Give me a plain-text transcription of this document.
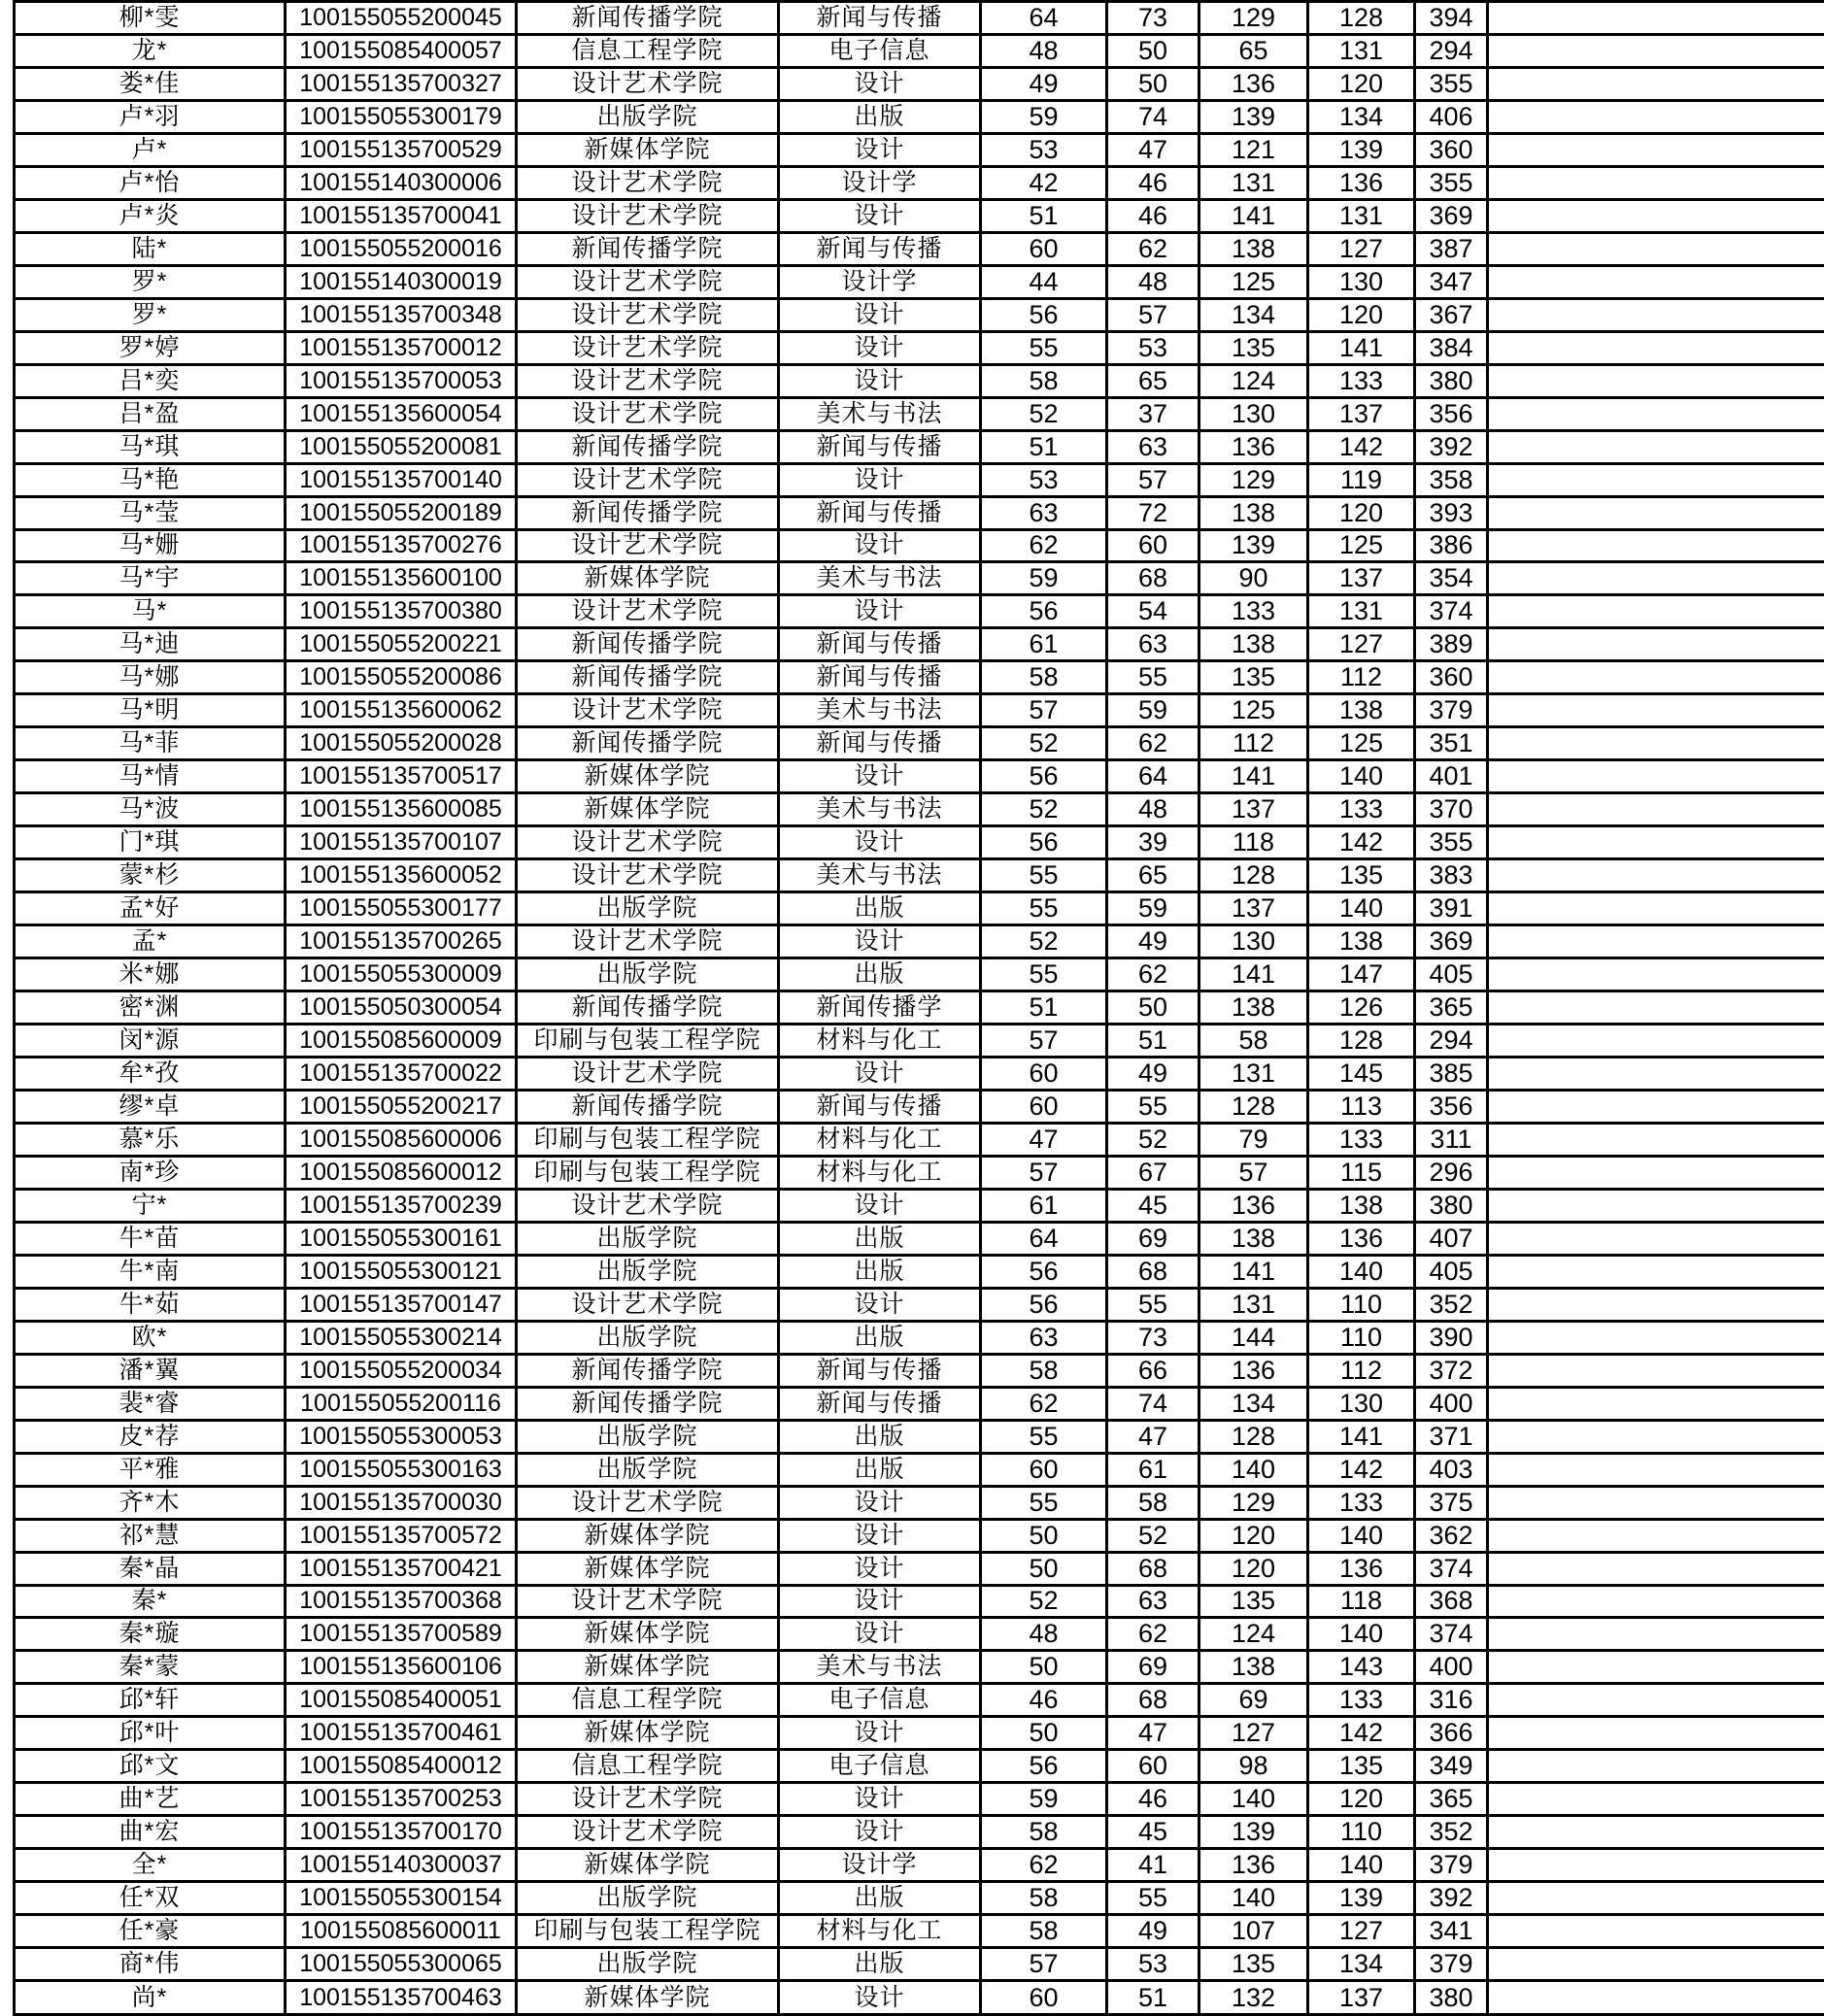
柳*雯	100155055200045	新闻传播学院	新闻与传播	64	73	129	128	394	
龙*	100155085400057	信息工程学院	电子信息	48	50	65	131	294	
娄*佳	100155135700327	设计艺术学院	设计	49	50	136	120	355	
卢*羽	100155055300179	出版学院	出版	59	74	139	134	406	
卢*	100155135700529	新媒体学院	设计	53	47	121	139	360	
卢*怡	100155140300006	设计艺术学院	设计学	42	46	131	136	355	
卢*炎	100155135700041	设计艺术学院	设计	51	46	141	131	369	
陆*	100155055200016	新闻传播学院	新闻与传播	60	62	138	127	387	
罗*	100155140300019	设计艺术学院	设计学	44	48	125	130	347	
罗*	100155135700348	设计艺术学院	设计	56	57	134	120	367	
罗*婷	100155135700012	设计艺术学院	设计	55	53	135	141	384	
吕*奕	100155135700053	设计艺术学院	设计	58	65	124	133	380	
吕*盈	100155135600054	设计艺术学院	美术与书法	52	37	130	137	356	
马*琪	100155055200081	新闻传播学院	新闻与传播	51	63	136	142	392	
马*艳	100155135700140	设计艺术学院	设计	53	57	129	119	358	
马*莹	100155055200189	新闻传播学院	新闻与传播	63	72	138	120	393	
马*姗	100155135700276	设计艺术学院	设计	62	60	139	125	386	
马*宇	100155135600100	新媒体学院	美术与书法	59	68	90	137	354	
马*	100155135700380	设计艺术学院	设计	56	54	133	131	374	
马*迪	100155055200221	新闻传播学院	新闻与传播	61	63	138	127	389	
马*娜	100155055200086	新闻传播学院	新闻与传播	58	55	135	112	360	
马*明	100155135600062	设计艺术学院	美术与书法	57	59	125	138	379	
马*菲	100155055200028	新闻传播学院	新闻与传播	52	62	112	125	351	
马*情	100155135700517	新媒体学院	设计	56	64	141	140	401	
马*波	100155135600085	新媒体学院	美术与书法	52	48	137	133	370	
门*琪	100155135700107	设计艺术学院	设计	56	39	118	142	355	
蒙*杉	100155135600052	设计艺术学院	美术与书法	55	65	128	135	383	
孟*好	100155055300177	出版学院	出版	55	59	137	140	391	
孟*	100155135700265	设计艺术学院	设计	52	49	130	138	369	
米*娜	100155055300009	出版学院	出版	55	62	141	147	405	
密*渊	100155050300054	新闻传播学院	新闻传播学	51	50	138	126	365	
闵*源	100155085600009	印刷与包装工程学院	材料与化工	57	51	58	128	294	
牟*孜	100155135700022	设计艺术学院	设计	60	49	131	145	385	
缪*卓	100155055200217	新闻传播学院	新闻与传播	60	55	128	113	356	
慕*乐	100155085600006	印刷与包装工程学院	材料与化工	47	52	79	133	311	
南*珍	100155085600012	印刷与包装工程学院	材料与化工	57	67	57	115	296	
宁*	100155135700239	设计艺术学院	设计	61	45	136	138	380	
牛*苗	100155055300161	出版学院	出版	64	69	138	136	407	
牛*南	100155055300121	出版学院	出版	56	68	141	140	405	
牛*茹	100155135700147	设计艺术学院	设计	56	55	131	110	352	
欧*	100155055300214	出版学院	出版	63	73	144	110	390	
潘*翼	100155055200034	新闻传播学院	新闻与传播	58	66	136	112	372	
裴*睿	100155055200116	新闻传播学院	新闻与传播	62	74	134	130	400	
皮*荐	100155055300053	出版学院	出版	55	47	128	141	371	
平*雅	100155055300163	出版学院	出版	60	61	140	142	403	
齐*木	100155135700030	设计艺术学院	设计	55	58	129	133	375	
祁*慧	100155135700572	新媒体学院	设计	50	52	120	140	362	
秦*晶	100155135700421	新媒体学院	设计	50	68	120	136	374	
秦*	100155135700368	设计艺术学院	设计	52	63	135	118	368	
秦*璇	100155135700589	新媒体学院	设计	48	62	124	140	374	
秦*蒙	100155135600106	新媒体学院	美术与书法	50	69	138	143	400	
邱*轩	100155085400051	信息工程学院	电子信息	46	68	69	133	316	
邱*叶	100155135700461	新媒体学院	设计	50	47	127	142	366	
邱*文	100155085400012	信息工程学院	电子信息	56	60	98	135	349	
曲*艺	100155135700253	设计艺术学院	设计	59	46	140	120	365	
曲*宏	100155135700170	设计艺术学院	设计	58	45	139	110	352	
全*	100155140300037	新媒体学院	设计学	62	41	136	140	379	
任*双	100155055300154	出版学院	出版	58	55	140	139	392	
任*豪	100155085600011	印刷与包装工程学院	材料与化工	58	49	107	127	341	
商*伟	100155055300065	出版学院	出版	57	53	135	134	379	
尚*	100155135700463	新媒体学院	设计	60	51	132	137	380	
